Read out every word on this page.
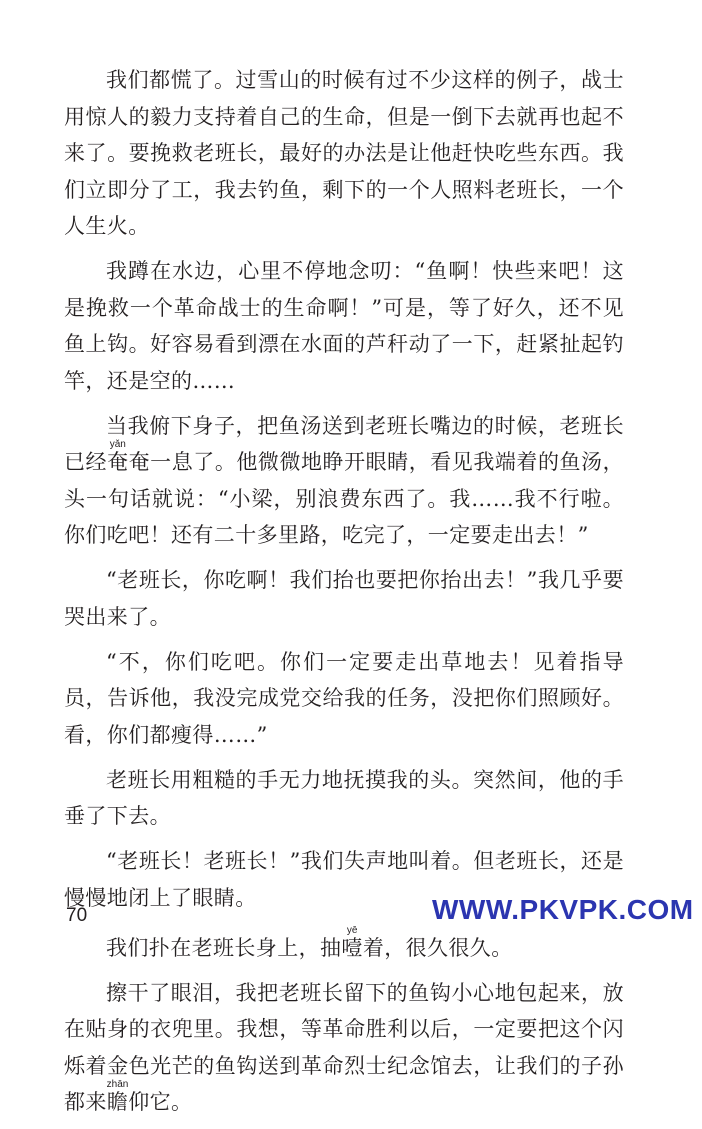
我们都慌了。过雪山的时候有过不少这样的例子，战士用惊人的毅力支持着自己的生命，但是一倒下去就再也起不来了。要挽救老班长，最好的办法是让他赶快吃些东西。我们立即分了工，我去钓鱼，剩下的一个人照料老班长，一个人生火。

我蹲在水边，心里不停地念叨：“鱼啊！快些来吧！这是挽救一个革命战士的生命啊！”可是，等了好久，还不见鱼上钩。好容易看到漂在水面的芦秆动了一下，赶紧扯起钓竿，还是空的……

当我俯下身子，把鱼汤送到老班长嘴边的时候，老班长已经奄yǎn奄一息了。他微微地睁开眼睛，看见我端着的鱼汤，头一句话就说：“小梁，别浪费东西了。我……我不行啦。你们吃吧！还有二十多里路，吃完了，一定要走出去！”

“老班长，你吃啊！我们抬也要把你抬出去！”我几乎要哭出来了。

“不，你们吃吧。你们一定要走出草地去！见着指导员，告诉他，我没完成党交给我的任务，没把你们照顾好。看，你们都瘦得……”

老班长用粗糙的手无力地抚摸我的头。突然间，他的手垂了下去。

“老班长！老班长！”我们失声地叫着。但老班长，还是慢慢地闭上了眼睛。

我们扑在老班长身上，抽噎yē着，很久很久。

擦干了眼泪，我把老班长留下的鱼钩小心地包起来，放在贴身的衣兜里。我想，等革命胜利以后，一定要把这个闪烁着金色光芒的鱼钩送到革命烈士纪念馆去，让我们的子孙都来瞻zhān仰它。

70	WWW.PKVPK.COM
